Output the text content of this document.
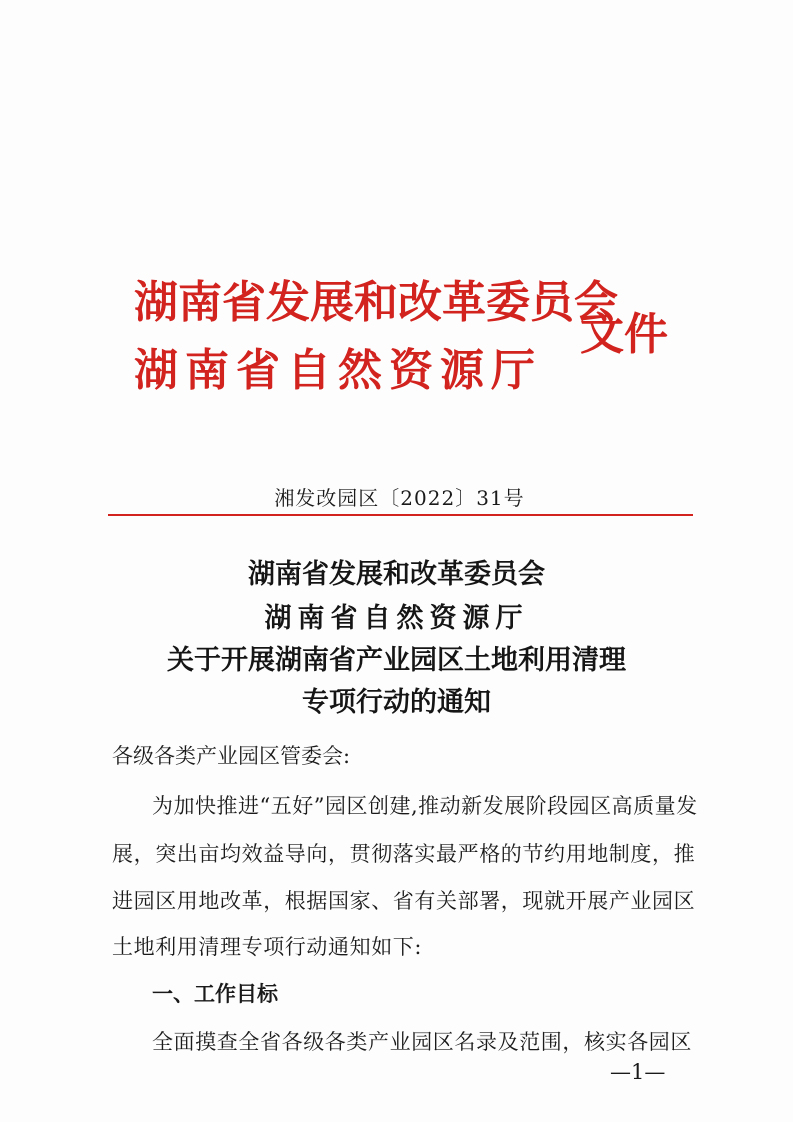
湖南省发展和改革委员会
湖南省自然资源厅
文件
湘发改园区〔2022〕31号
湖南省发展和改革委员会
湖南省自然资源厅
关于开展湖南省产业园区土地利用清理
专项行动的通知
各级各类产业园区管委会:
为加快推进“五好”园区创建,推动新发展阶段园区高质量发
展，突出亩均效益导向，贯彻落实最严格的节约用地制度，推
进园区用地改革，根据国家、省有关部署，现就开展产业园区
土地利用清理专项行动通知如下:
一、工作目标
全面摸查全省各级各类产业园区名录及范围，核实各园区
—1—
